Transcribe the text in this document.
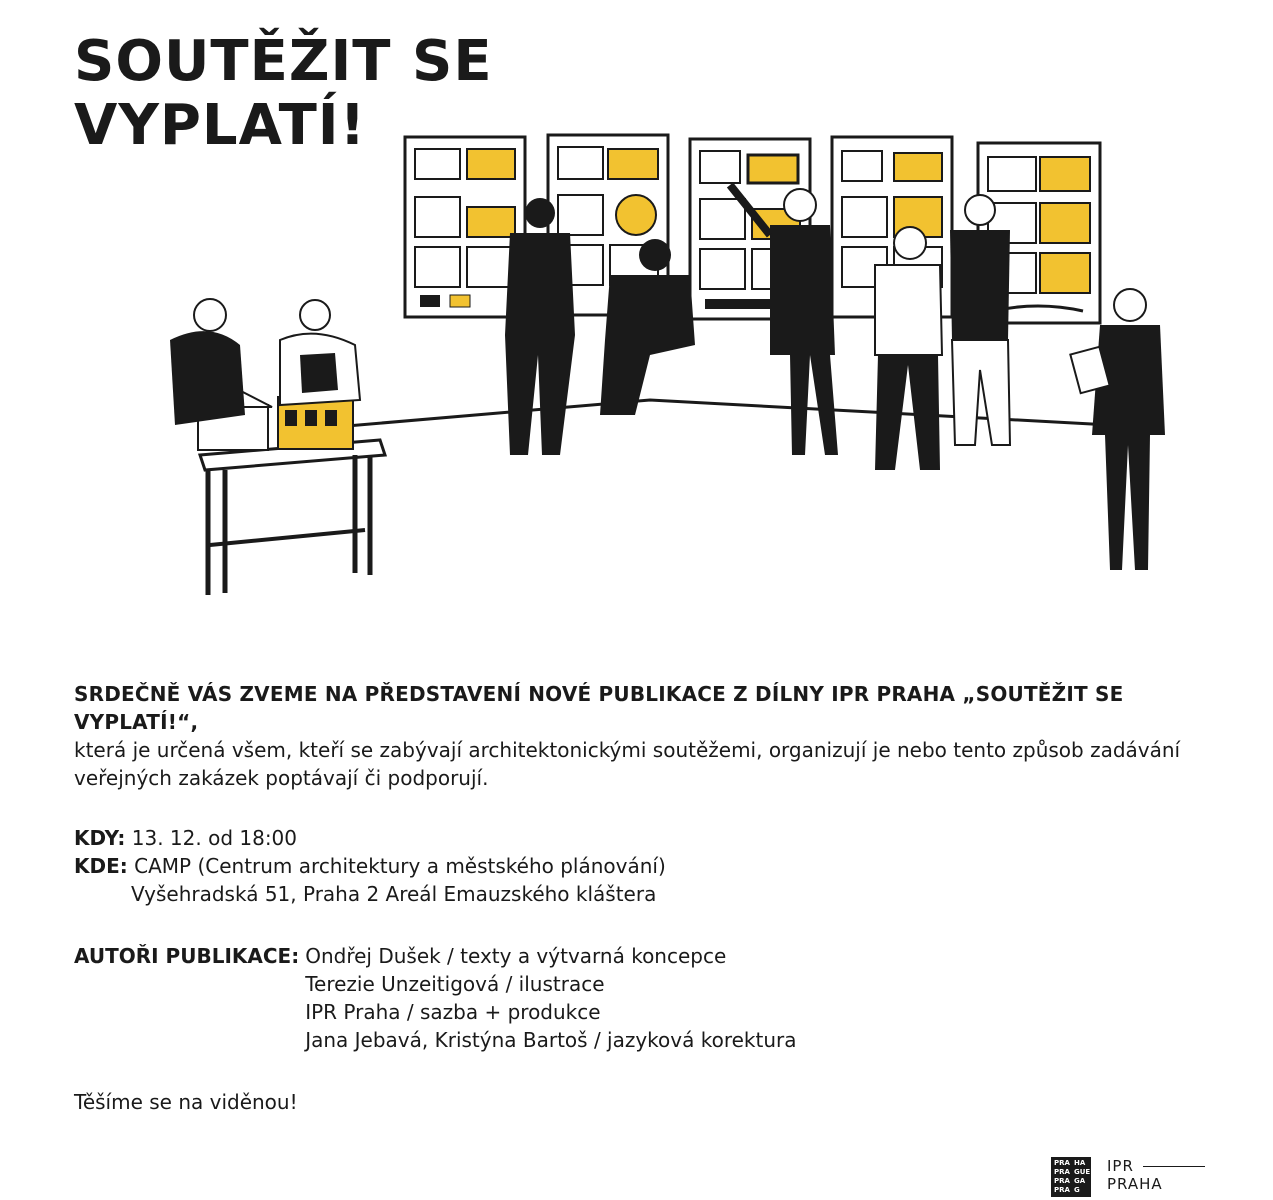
SOUTĚŽIT SE
VYPLATÍ!
SRDEČNĚ VÁS ZVEME NA PŘEDSTAVENÍ NOVÉ PUBLIKACE Z DÍLNY IPR PRAHA „SOUTĚŽIT SE VYPLATÍ!“,

která je určená všem, kteří se zabývají architektonickými soutěžemi, organizují je nebo tento způsob zadávání veřejných zakázek poptávají či podporují.
KDY: 13. 12. od 18:00
KDE: CAMP (Centrum architektury a městského plánování)
Vyšehradská 51, Praha 2 Areál Emauzského kláštera
AUTOŘI PUBLIKACE: Ondřej Dušek / texty a výtvarná koncepce
Terezie Unzeitigová / ilustrace
IPR Praha / sazba + produkce
Jana Jebavá, Kristýna Bartoš / jazyková korektura
Těšíme se na viděnou!
PRA HA
PRA GUE
PRA GA
PRA G
IPR
PRAHA
